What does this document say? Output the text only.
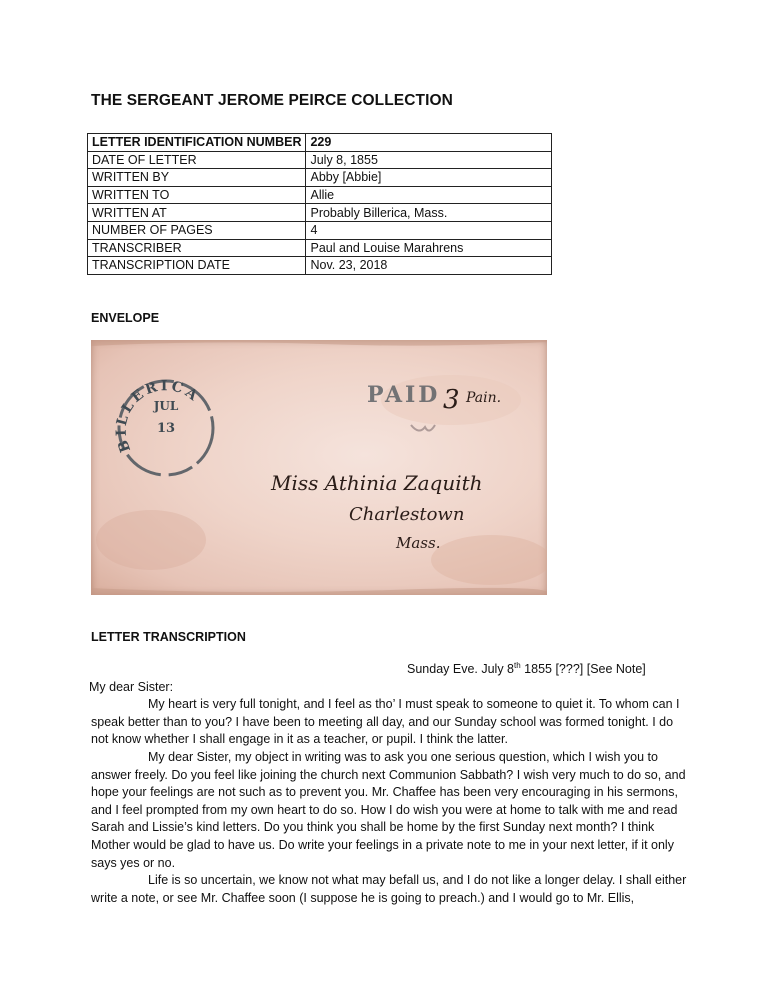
THE SERGEANT JEROME PEIRCE COLLECTION
LETTER IDENTIFICATION NUMBER	229
DATE OF LETTER	July 8, 1855
WRITTEN BY	Abby [Abbie]
WRITTEN TO	Allie
WRITTEN AT	Probably Billerica, Mass.
NUMBER OF PAGES	4
TRANSCRIBER	Paul and Louise Marahrens
TRANSCRIPTION DATE	Nov. 23, 2018
ENVELOPE
JUL
13
BILLERICA	PAID 3 Pain.
Miss Athinia Zaquith
Charlestown
Mass.
LETTER TRANSCRIPTION
Sunday Eve. July 8th 1855 [???] [See Note]
My dear Sister:

My heart is very full tonight, and I feel as tho’ I must speak to someone to quiet it. To whom can I speak better than to you? I have been to meeting all day, and our Sunday school was formed tonight. I do not know whether I shall engage in it as a teacher, or pupil. I think the latter.

My dear Sister, my object in writing was to ask you one serious question, which I wish you to answer freely. Do you feel like joining the church next Communion Sabbath? I wish very much to do so, and hope your feelings are not such as to prevent you. Mr. Chaffee has been very encouraging in his sermons, and I feel prompted from my own heart to do so. How I do wish you were at home to talk with me and read Sarah and Lissie’s kind letters. Do you think you shall be home by the first Sunday next month? I think Mother would be glad to have us. Do write your feelings in a private note to me in your next letter, if it only says yes or no.

Life is so uncertain, we know not what may befall us, and I do not like a longer delay. I shall either write a note, or see Mr. Chaffee soon (I suppose he is going to preach.) and I would go to Mr. Ellis,
